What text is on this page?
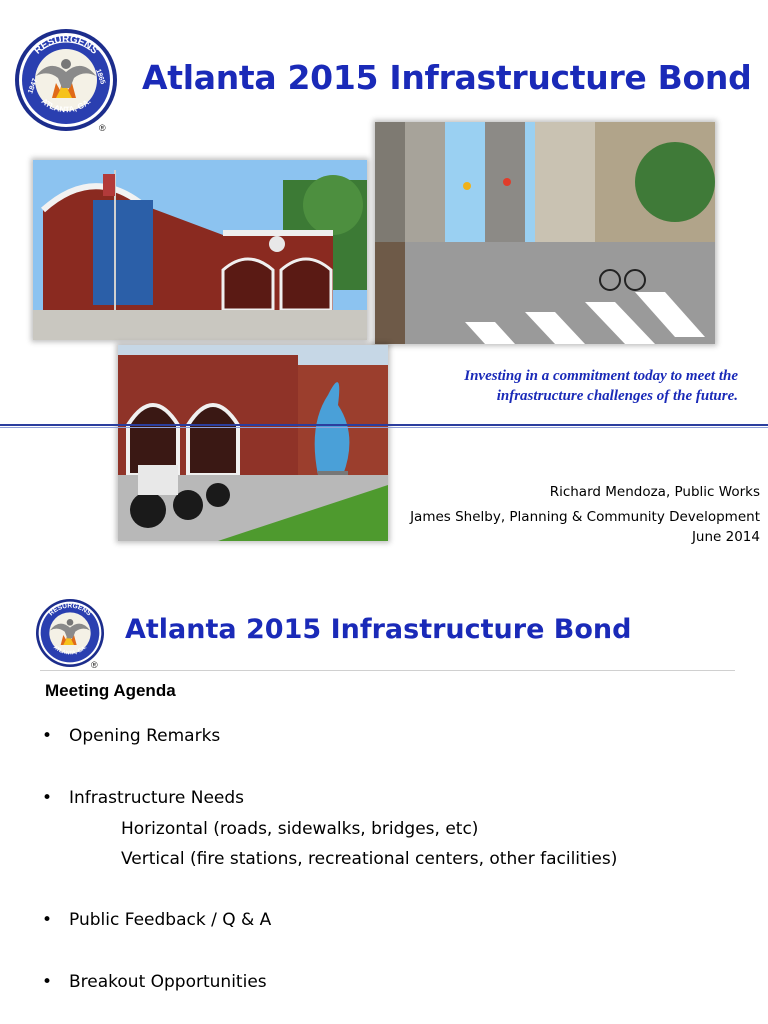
RESURGENS
ATLANTA, GA.
1847
1865
®
Atlanta 2015 Infrastructure Bond
Investing in a commitment today to meet the
infrastructure challenges of the future.
Richard Mendoza, Public Works
James Shelby, Planning & Community Development
June 2014
RESURGENS
ATLANTA, GA.
®
Atlanta 2015 Infrastructure Bond
Meeting Agenda
• Opening Remarks
• Infrastructure Needs
Horizontal (roads, sidewalks, bridges, etc)
Vertical (fire stations, recreational centers, other facilities)
• Public Feedback / Q & A
• Breakout Opportunities
